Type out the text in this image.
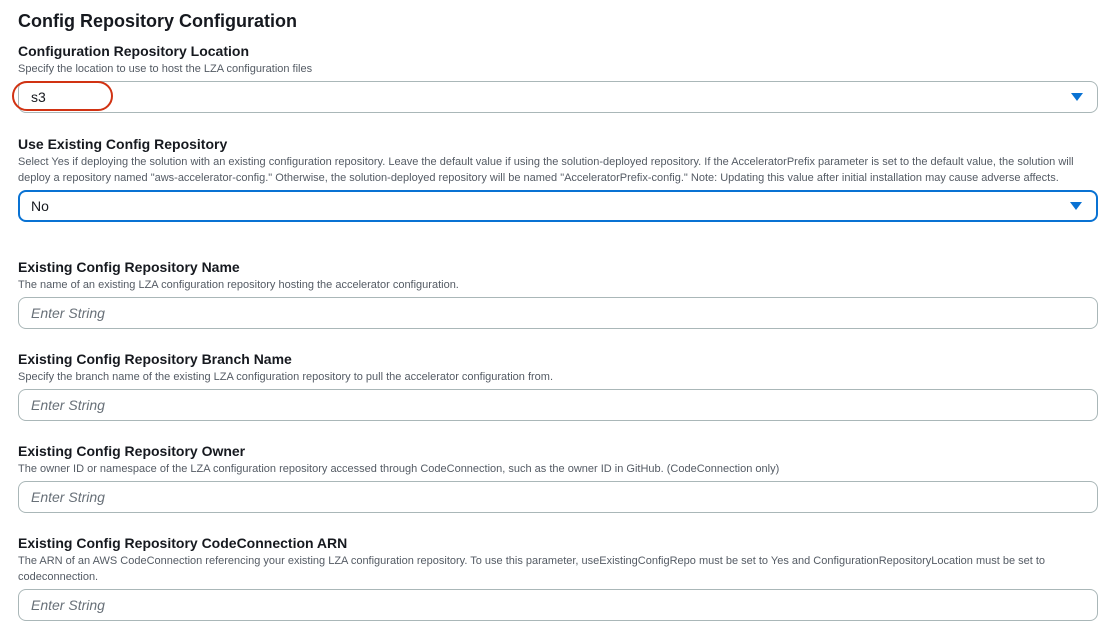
Config Repository Configuration
Configuration Repository Location
Specify the location to use to host the LZA configuration files
s3
Use Existing Config Repository
Select Yes if deploying the solution with an existing configuration repository. Leave the default value if using the solution-deployed repository. If the AcceleratorPrefix parameter is set to the default value, the solution will deploy a repository named "aws-accelerator-config." Otherwise, the solution-deployed repository will be named "AcceleratorPrefix-config." Note: Updating this value after initial installation may cause adverse affects.
No
Existing Config Repository Name
The name of an existing LZA configuration repository hosting the accelerator configuration.
Enter String
Existing Config Repository Branch Name
Specify the branch name of the existing LZA configuration repository to pull the accelerator configuration from.
Enter String
Existing Config Repository Owner
The owner ID or namespace of the LZA configuration repository accessed through CodeConnection, such as the owner ID in GitHub. (CodeConnection only)
Enter String
Existing Config Repository CodeConnection ARN
The ARN of an AWS CodeConnection referencing your existing LZA configuration repository. To use this parameter, useExistingConfigRepo must be set to Yes and ConfigurationRepositoryLocation must be set to codeconnection.
Enter String
